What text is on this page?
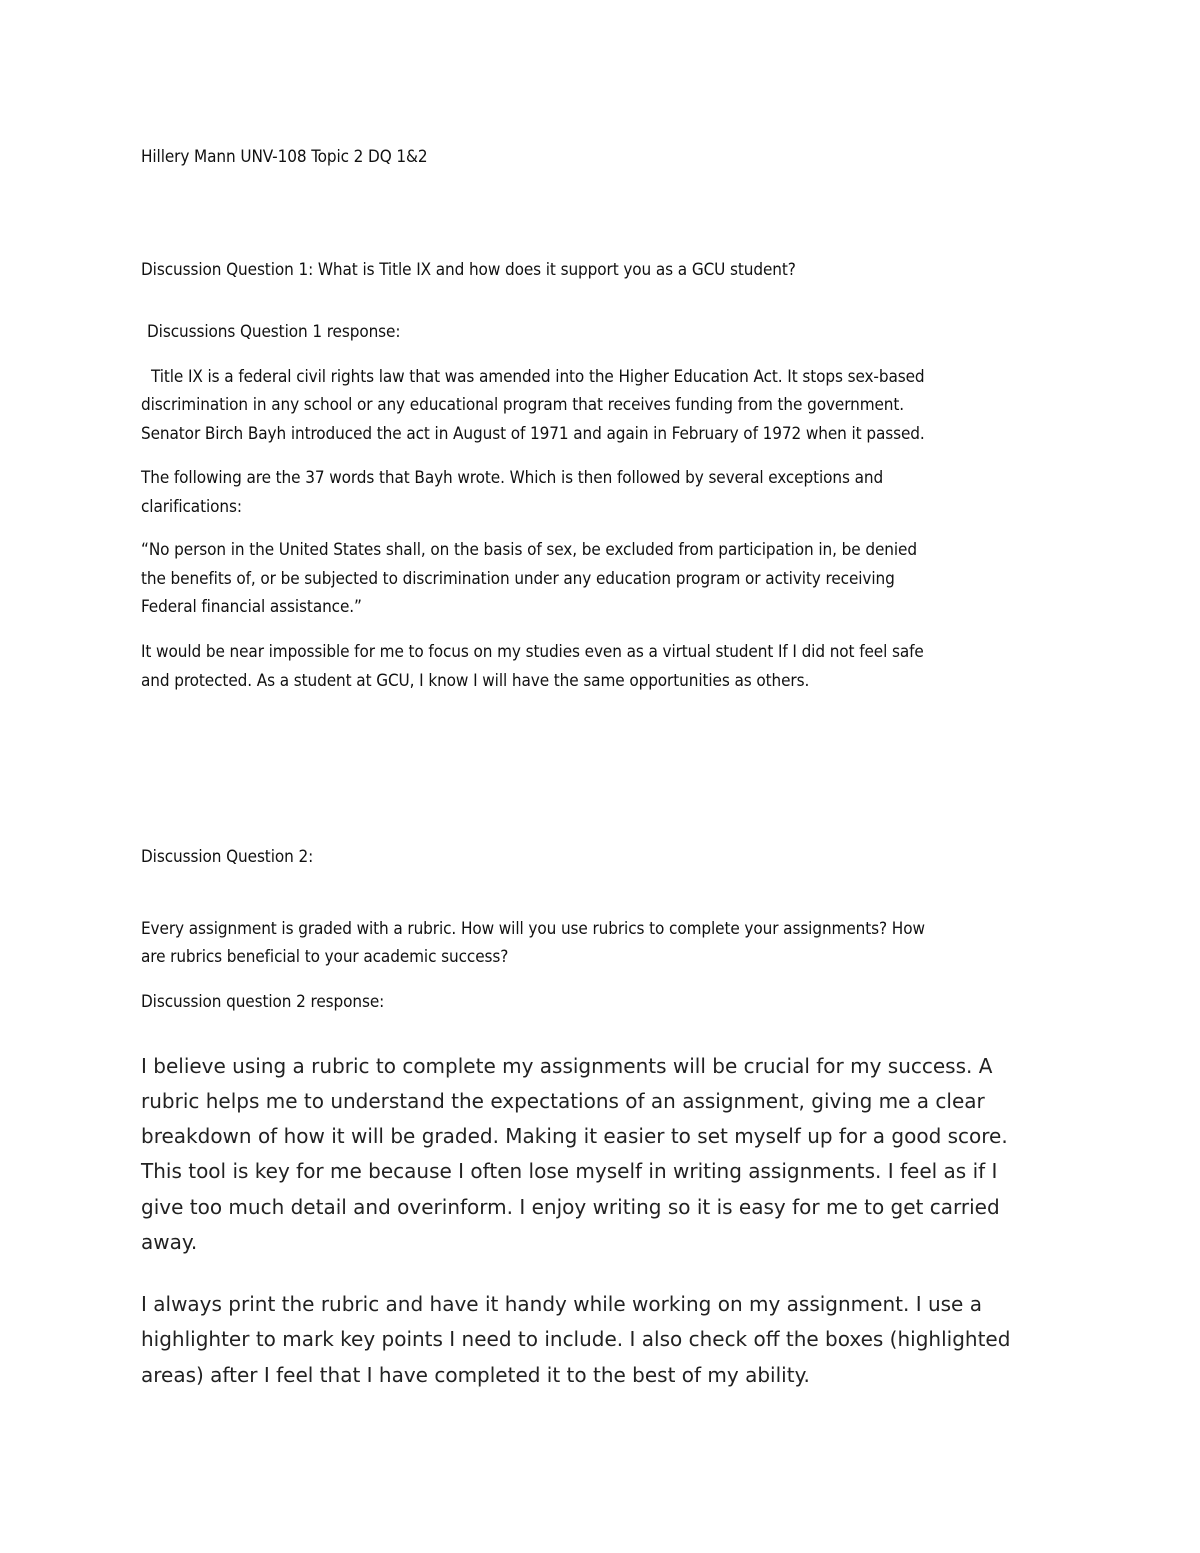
Hillery Mann UNV-108 Topic 2 DQ 1&2

Discussion Question 1: What is Title IX and how does it support you as a GCU student?

Discussions Question 1 response:

Title IX is a federal civil rights law that was amended into the Higher Education Act. It stops sex-based

discrimination in any school or any educational program that receives funding from the government.

Senator Birch Bayh introduced the act in August of 1971 and again in February of 1972 when it passed.

The following are the 37 words that Bayh wrote. Which is then followed by several exceptions and

clarifications:

“No person in the United States shall, on the basis of sex, be excluded from participation in, be denied

the benefits of, or be subjected to discrimination under any education program or activity receiving

Federal financial assistance.”

It would be near impossible for me to focus on my studies even as a virtual student If I did not feel safe

and protected. As a student at GCU, I know I will have the same opportunities as others.

Discussion Question 2:

Every assignment is graded with a rubric. How will you use rubrics to complete your assignments? How

are rubrics beneficial to your academic success?

Discussion question 2 response:

I believe using a rubric to complete my assignments will be crucial for my success. A

rubric helps me to understand the expectations of an assignment, giving me a clear

breakdown of how it will be graded. Making it easier to set myself up for a good score.

This tool is key for me because I often lose myself in writing assignments. I feel as if I

give too much detail and overinform. I enjoy writing so it is easy for me to get carried

away.

I always print the rubric and have it handy while working on my assignment. I use a

highlighter to mark key points I need to include. I also check off the boxes (highlighted

areas) after I feel that I have completed it to the best of my ability.
